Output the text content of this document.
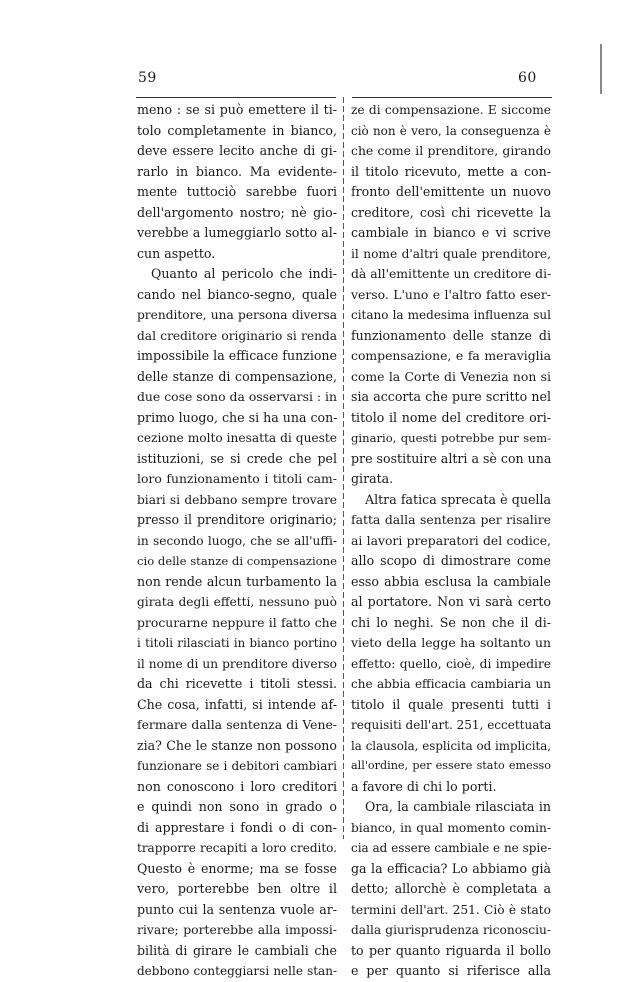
59	60
meno : se si può emettere il ti-
tolo completamente in bianco,
deve essere lecito anche di gi-
rarlo in bianco. Ma evidente-
mente tuttociò sarebbe fuori
dell'argomento nostro; nè gio-
verebbe a lumeggiarlo sotto al-
cun aspetto.
Quanto al pericolo che indi-
cando nel bianco-segno, quale
prenditore, una persona diversa
dal creditore originario si renda
impossibile la efficace funzione
delle stanze di compensazione,
due cose sono da osservarsi : in
primo luogo, che si ha una con-
cezione molto inesatta di queste
istituzioni, se si crede che pel
loro funzionamento i titoli cam-
biari si debbano sempre trovare
presso il prenditore originario;
in secondo luogo, che se all'uffi-
cio delle stanze di compensazione
non rende alcun turbamento la
girata degli effetti, nessuno può
procurarne neppure il fatto che
i titoli rilasciati in bianco portino
il nome di un prenditore diverso
da chi ricevette i titoli stessi.
Che cosa, infatti, si intende af-
fermare dalla sentenza di Vene-
zia? Che le stanze non possono
funzionare se i debitori cambiari
non conoscono i loro creditori
e quindi non sono in grado o
di apprestare i fondi o di con-
trapporre recapiti a loro credito.
Questo è enorme; ma se fosse
vero, porterebbe ben oltre il
punto cui la sentenza vuole ar-
rivare; porterebbe alla impossi-
bilità di girare le cambiali che
debbono conteggiarsi nelle stan-
ze di compensazione. E siccome
ciò non è vero, la conseguenza è
che come il prenditore, girando
il titolo ricevuto, mette a con-
fronto dell'emittente un nuovo
creditore, così chi ricevette la
cambiale in bianco e vi scrive
il nome d'altri quale prenditore,
dà all'emittente un creditore di-
verso. L'uno e l'altro fatto eser-
citano la medesima influenza sul
funzionamento delle stanze di
compensazione, e fa meraviglia
come la Corte di Venezia non si
sia accorta che pure scritto nel
titolo il nome del creditore ori-
ginario, questi potrebbe pur sem-
pre sostituire altri a sè con una
girata.
Altra fatica sprecata è quella
fatta dalla sentenza per risalire
ai lavori preparatori del codice,
allo scopo di dimostrare come
esso abbia esclusa la cambiale
al portatore. Non vi sarà certo
chi lo neghi. Se non che il di-
vieto della legge ha soltanto un
effetto: quello, cioè, di impedire
che abbia efficacia cambiaria un
titolo il quale presenti tutti i
requisiti dell'art. 251, eccettuata
la clausola, esplicita od implicita,
all'ordine, per essere stato emesso
a favore di chi lo porti.
Ora, la cambiale rilasciata in
bianco, in qual momento comin-
cia ad essere cambiale e ne spie-
ga la efficacia? Lo abbiamo già
detto; allorchè è completata a
termini dell'art. 251. Ciò è stato
dalla giurisprudenza riconosciu-
to per quanto riguarda il bollo
e per quanto si riferisce alla
